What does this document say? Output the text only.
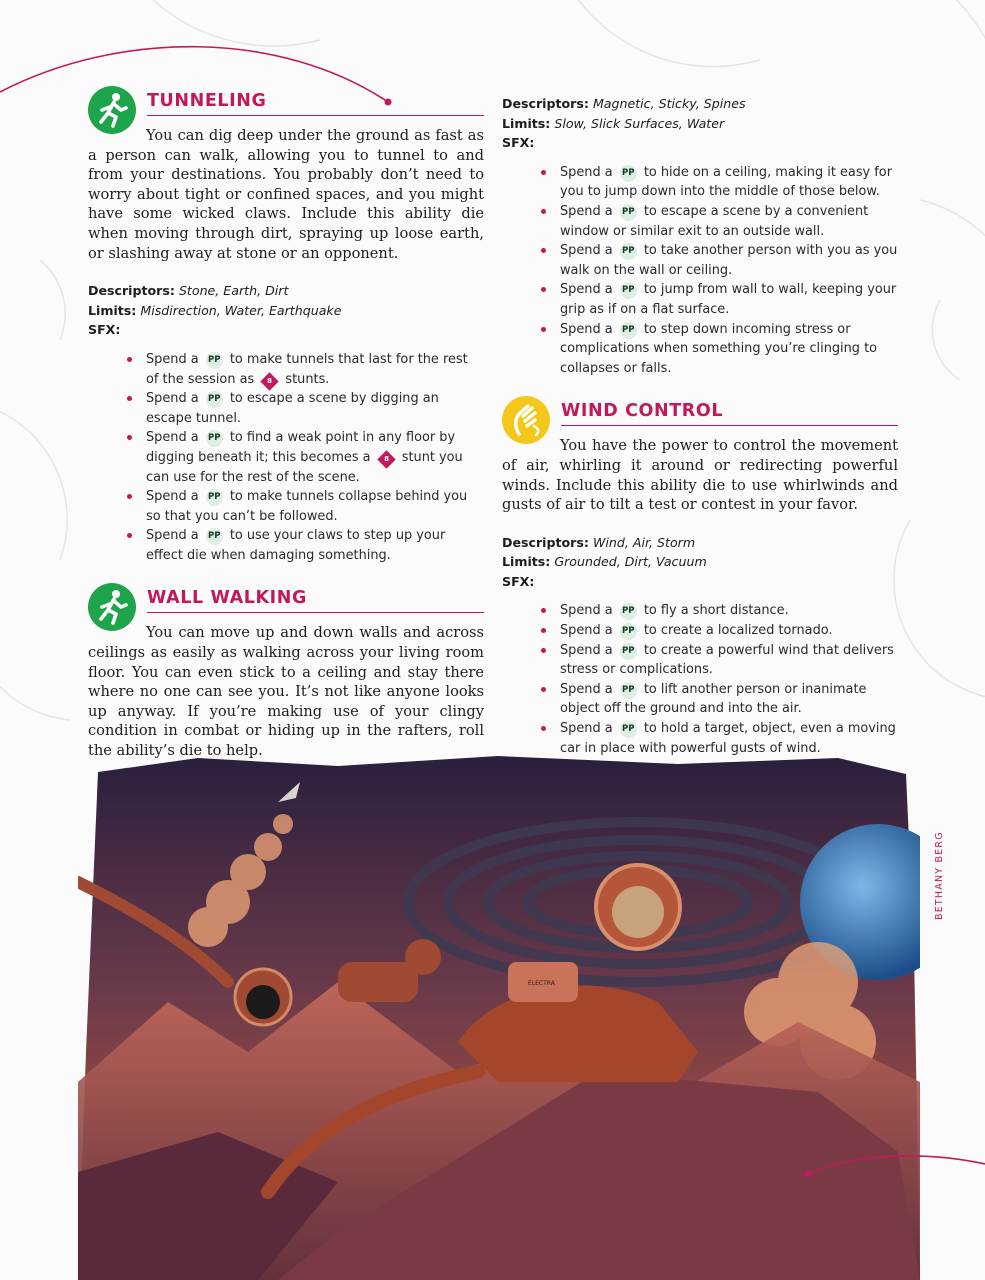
TUNNELING

You can dig deep under the ground as fast as a person can walk, allowing you to tunnel to and from your destinations. You probably don’t need to worry about tight or confined spaces, and you might have some wicked claws. Include this ability die when moving through dirt, spraying up loose earth, or slashing away at stone or an opponent.

Descriptors: Stone, Earth, Dirt
Limits: Misdirection, Water, Earthquake
SFX:
Spend a PP to make tunnels that last for the rest of the session as	8 stunts.
Spend a PP to escape a scene by digging an escape tunnel.
Spend a PP to find a weak point in any floor by digging beneath it; this becomes a	8 stunt you can use for the rest of the scene.
Spend a PP to make tunnels collapse behind you so that you can’t be followed.
Spend a PP to use your claws to step up your effect die when damaging something.
WALL WALKING

You can move up and down walls and across ceilings as easily as walking across your living room floor. You can even stick to a ceiling and stay there where no one can see you. It’s not like anyone looks up anyway. If you’re making use of your clingy condition in combat or hiding up in the rafters, roll the ability’s die to help.

Descriptors: Magnetic, Sticky, Spines
Limits: Slow, Slick Surfaces, Water
SFX:
Spend a PP to hide on a ceiling, making it easy for you to jump down into the middle of those below.
Spend a PP to escape a scene by a convenient window or similar exit to an outside wall.
Spend a PP to take another person with you as you walk on the wall or ceiling.
Spend a PP to jump from wall to wall, keeping your grip as if on a flat surface.
Spend a PP to step down incoming stress or complications when something you’re clinging to collapses or falls.
WIND CONTROL

You have the power to control the movement of air, whirling it around or redirecting powerful winds. Include this ability die to use whirlwinds and gusts of air to tilt a test or contest in your favor.

Descriptors: Wind, Air, Storm
Limits: Grounded, Dirt, Vacuum
SFX:
Spend a PP to fly a short distance.
Spend a PP to create a localized tornado.
Spend a PP to create a powerful wind that delivers stress or complications.
Spend a PP to lift another person or inanimate object off the ground and into the air.
Spend a PP to hold a target, object, even a moving car in place with powerful gusts of wind.
ELECTRA
BETHANY BERG
